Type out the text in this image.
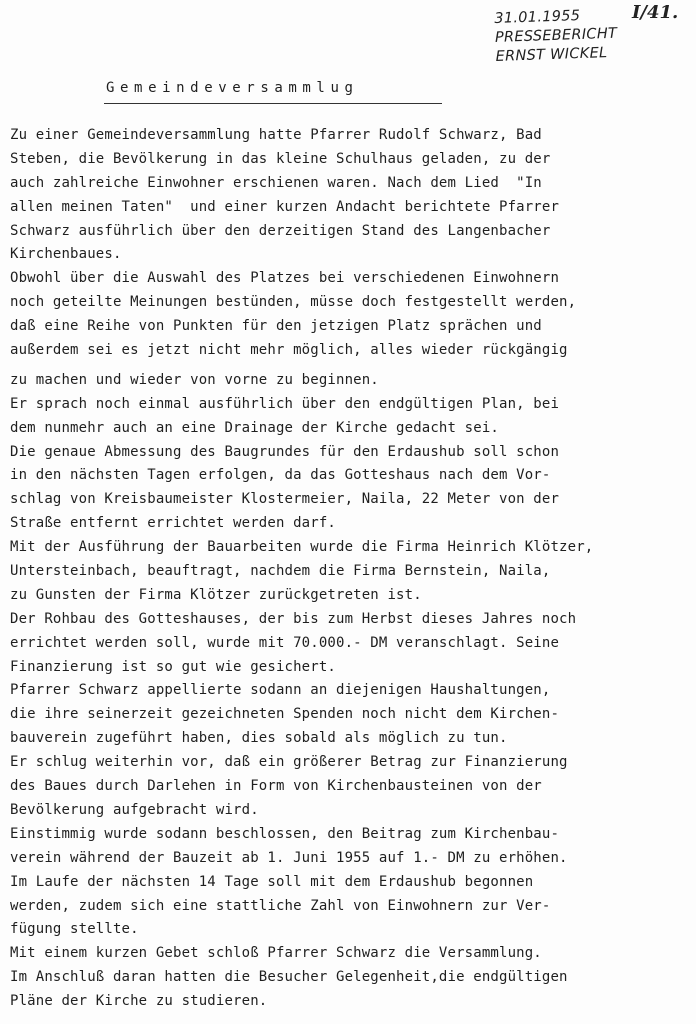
31.01.1955
PRESSEBERICHT
ERNST WICKEL
I/41.
Gemeindeversammlug
Zu einer Gemeindeversammlung hatte Pfarrer Rudolf Schwarz, Bad
Steben, die Bevölkerung in das kleine Schulhaus geladen, zu der
auch zahlreiche Einwohner erschienen waren. Nach dem Lied  "In
allen meinen Taten"  und einer kurzen Andacht berichtete Pfarrer
Schwarz ausführlich über den derzeitigen Stand des Langenbacher
Kirchenbaues.
Obwohl über die Auswahl des Platzes bei verschiedenen Einwohnern
noch geteilte Meinungen bestünden, müsse doch festgestellt werden,
daß eine Reihe von Punkten für den jetzigen Platz sprächen und
außerdem sei es jetzt nicht mehr möglich, alles wieder rückgängig
zu machen und wieder von vorne zu beginnen.
Er sprach noch einmal ausführlich über den endgültigen Plan, bei
dem nunmehr auch an eine Drainage der Kirche gedacht sei.
Die genaue Abmessung des Baugrundes für den Erdaushub soll schon
in den nächsten Tagen erfolgen, da das Gotteshaus nach dem Vor-
schlag von Kreisbaumeister Klostermeier, Naila, 22 Meter von der
Straße entfernt errichtet werden darf.
Mit der Ausführung der Bauarbeiten wurde die Firma Heinrich Klötzer,
Untersteinbach, beauftragt, nachdem die Firma Bernstein, Naila,
zu Gunsten der Firma Klötzer zurückgetreten ist.
Der Rohbau des Gotteshauses, der bis zum Herbst dieses Jahres noch
errichtet werden soll, wurde mit 70.000.- DM veranschlagt. Seine
Finanzierung ist so gut wie gesichert.
Pfarrer Schwarz appellierte sodann an diejenigen Haushaltungen,
die ihre seinerzeit gezeichneten Spenden noch nicht dem Kirchen-
bauverein zugeführt haben, dies sobald als möglich zu tun.
Er schlug weiterhin vor, daß ein größerer Betrag zur Finanzierung
des Baues durch Darlehen in Form von Kirchenbausteinen von der
Bevölkerung aufgebracht wird.
Einstimmig wurde sodann beschlossen, den Beitrag zum Kirchenbau-
verein während der Bauzeit ab 1. Juni 1955 auf 1.- DM zu erhöhen.
Im Laufe der nächsten 14 Tage soll mit dem Erdaushub begonnen
werden, zudem sich eine stattliche Zahl von Einwohnern zur Ver-
fügung stellte.
Mit einem kurzen Gebet schloß Pfarrer Schwarz die Versammlung.
Im Anschluß daran hatten die Besucher Gelegenheit,die endgültigen
Pläne der Kirche zu studieren.
